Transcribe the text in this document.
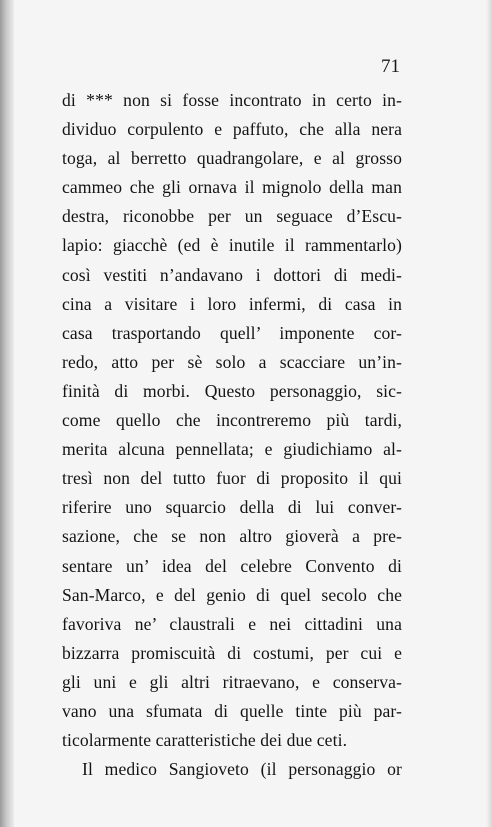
71
di *** non si fosse incontrato in certo in-
dividuo corpulento e paffuto, che alla nera
toga, al berretto quadrangolare, e al grosso
cammeo che gli ornava il mignolo della man
destra, riconobbe per un seguace d’Escu-
lapio: giacchè (ed è inutile il rammentarlo)
così vestiti n’andavano i dottori di medi-
cina a visitare i loro infermi, di casa in
casa trasportando quell’ imponente cor-
redo, atto per sè solo a scacciare un’in-
finità di morbi. Questo personaggio, sic-
come quello che incontreremo più tardi,
merita alcuna pennellata; e giudichiamo al-
tresì non del tutto fuor di proposito il qui
riferire uno squarcio della di lui conver-
sazione, che se non altro gioverà a pre-
sentare un’ idea del celebre Convento di
San-Marco, e del genio di quel secolo che
favoriva ne’ claustrali e nei cittadini una
bizzarra promiscuità di costumi, per cui e
gli uni e gli altri ritraevano, e conserva-
vano una sfumata di quelle tinte più par-
ticolarmente caratteristiche dei due ceti.
Il medico Sangioveto (il personaggio or
